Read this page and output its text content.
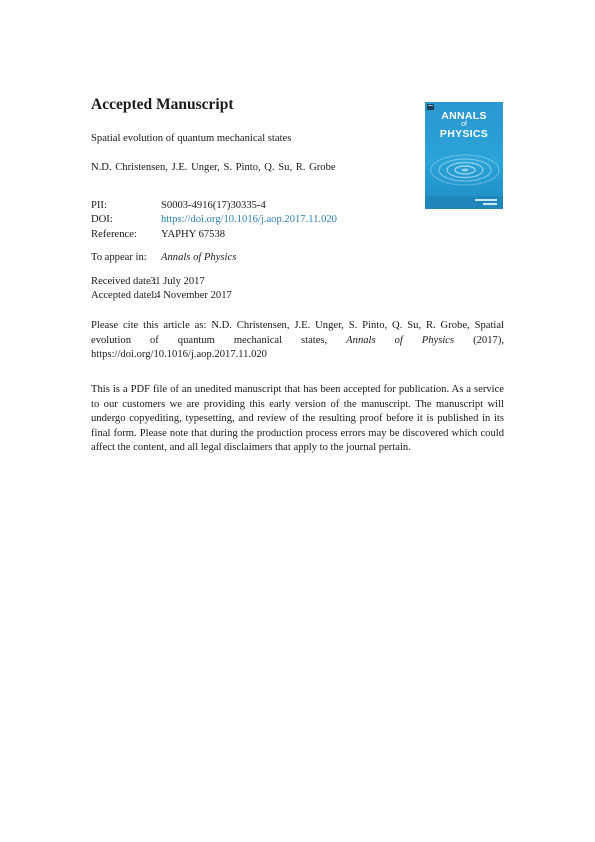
Accepted Manuscript
Spatial evolution of quantum mechanical states
N.D. Christensen, J.E. Unger, S. Pinto, Q. Su, R. Grobe
PII:	S0003-4916(17)30335-4
DOI:	https://doi.org/10.1016/j.aop.2017.11.020
Reference:	YAPHY 67538
To appear in:	Annals of Physics
Received date :
31 July 2017
Accepted date :
14 November 2017

Please cite this article as: N.D. Christensen, J.E. Unger, S. Pinto, Q. Su, R. Grobe, Spatial evolution of quantum mechanical states, Annals of Physics (2017), https://doi.org/10.1016/j.aop.2017.11.020

This is a PDF file of an unedited manuscript that has been accepted for publication. As a service to our customers we are providing this early version of the manuscript. The manuscript will undergo copyediting, typesetting, and review of the resulting proof before it is published in its final form. Please note that during the production process errors may be discovered which could affect the content, and all legal disclaimers that apply to the journal pertain.

ANNALS
of
PHYSICS
